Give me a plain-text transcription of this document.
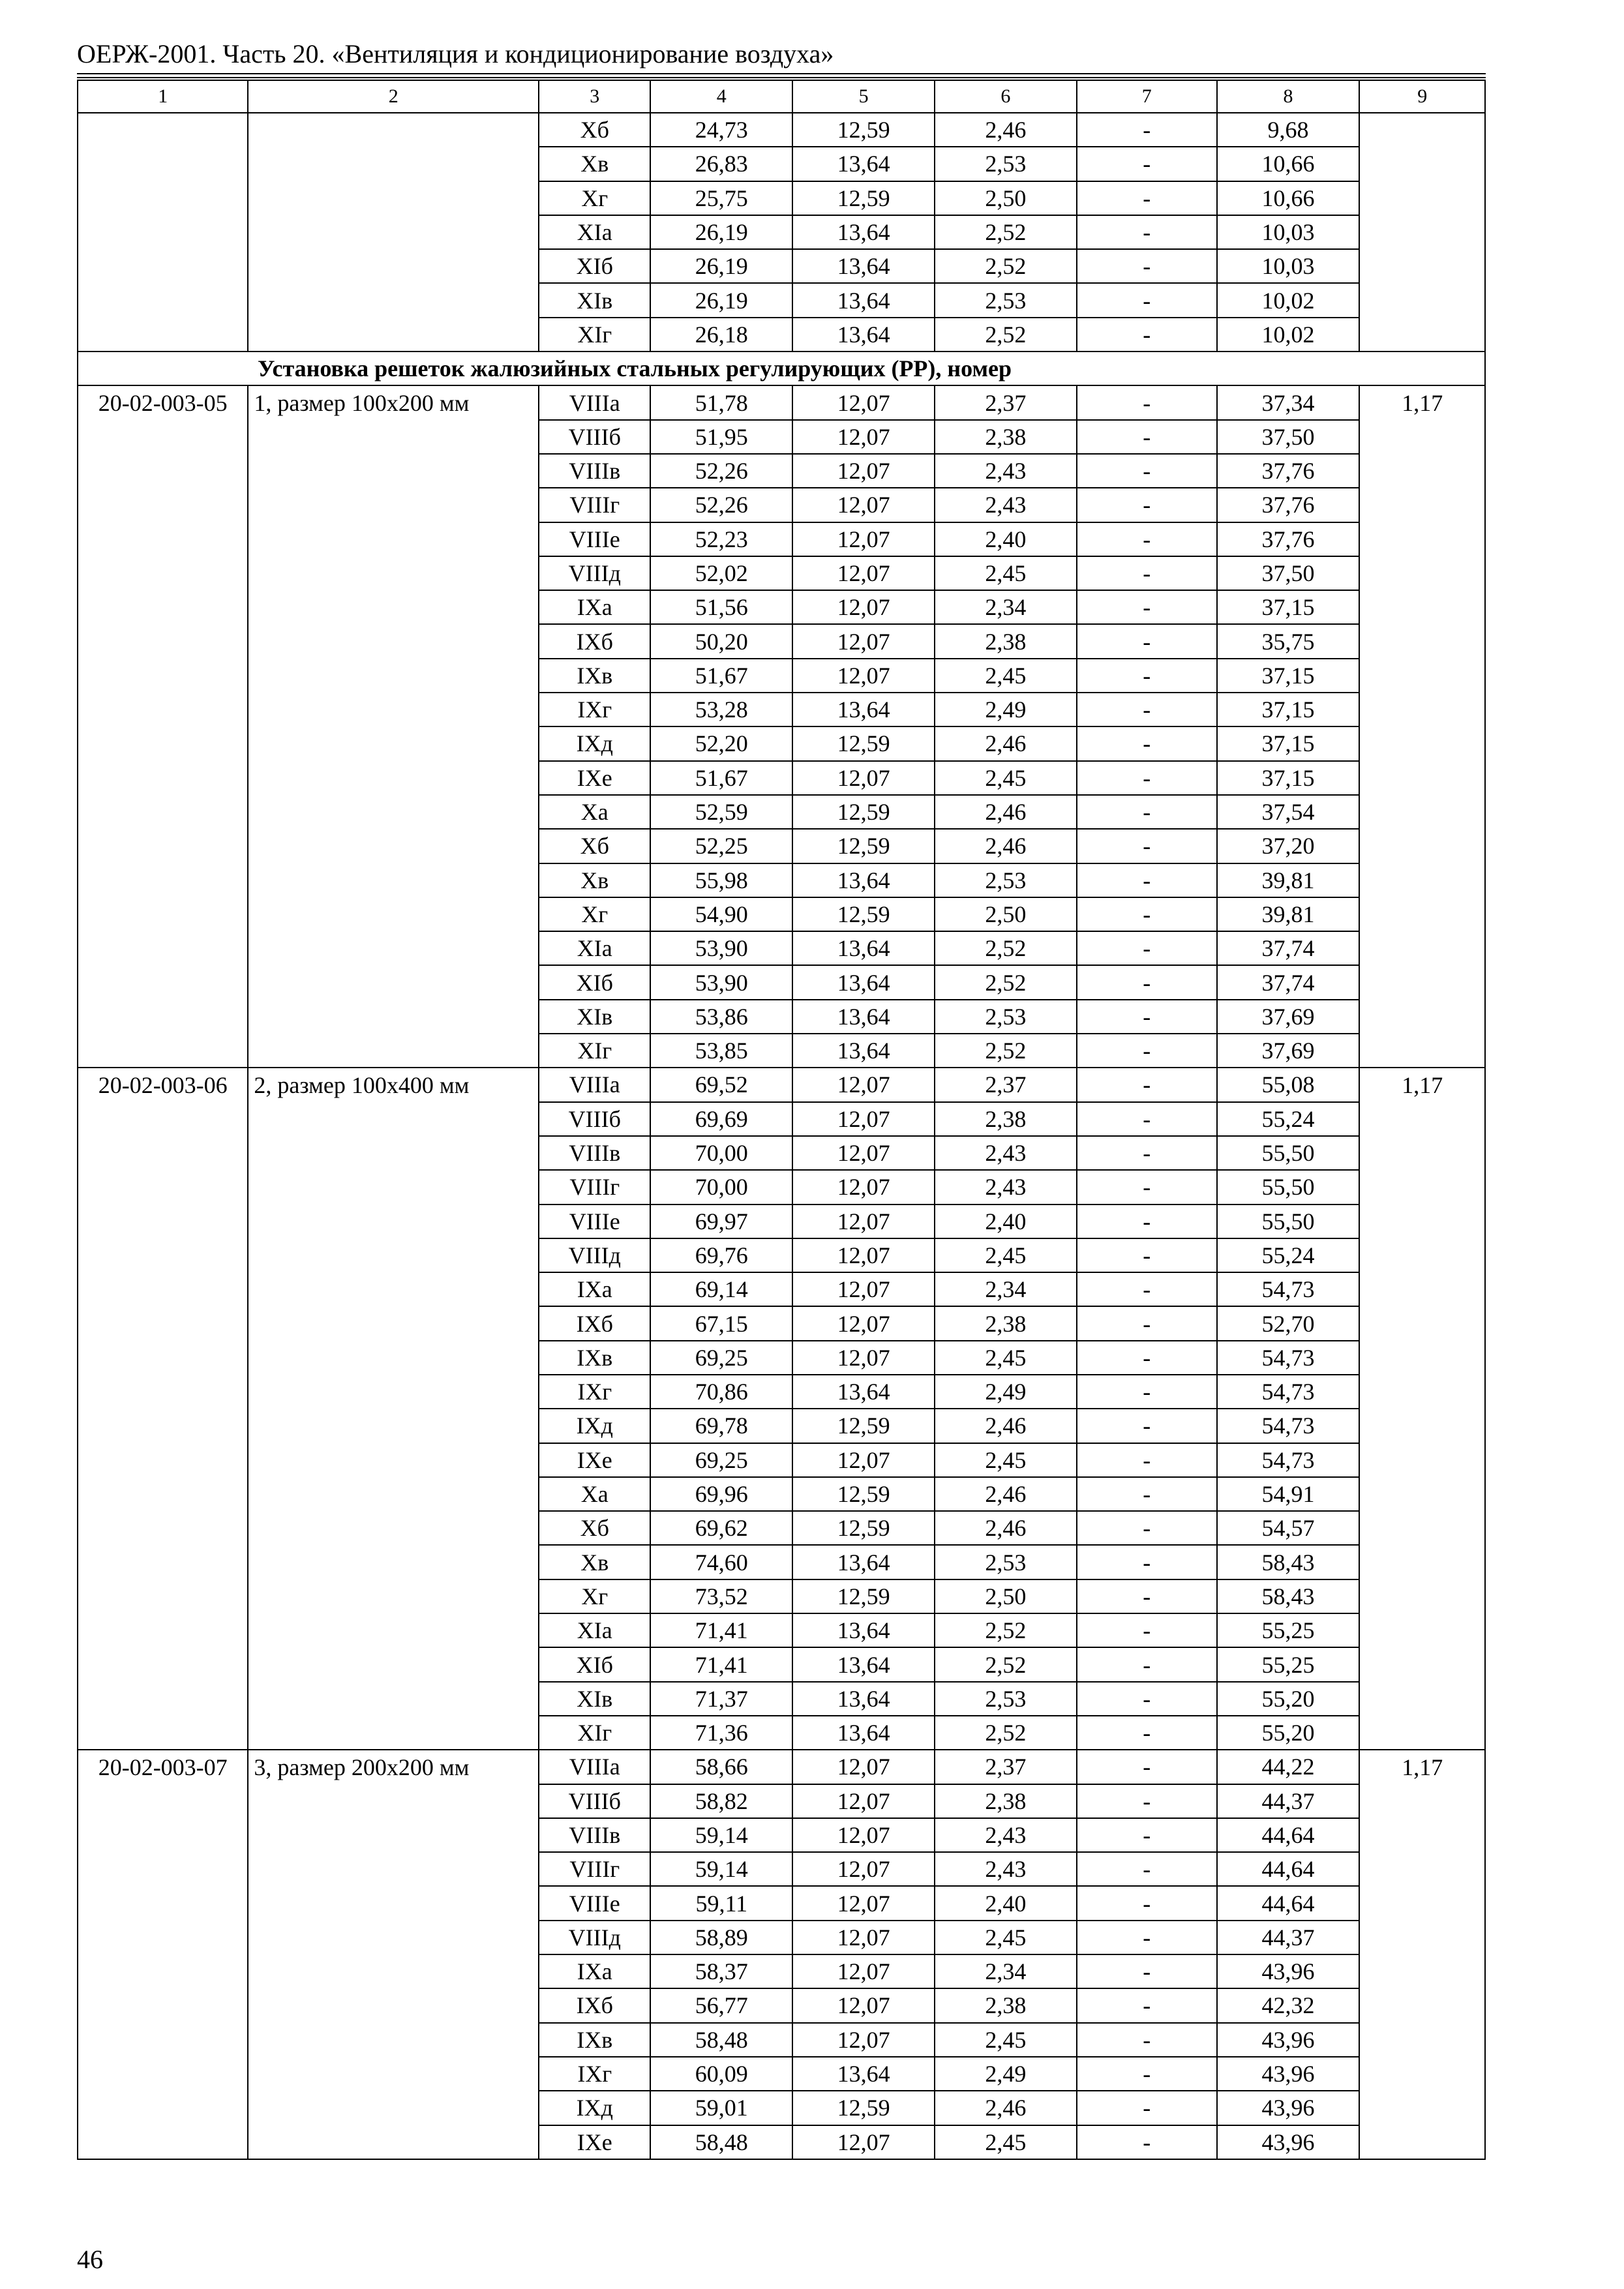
ОЕРЖ-2001. Часть 20. «Вентиляция и кондиционирование воздуха»
1	2	3	4	5	6	7	8	9
		Хб	24,73	12,59	2,46	-	9,68	
		Хв	26,83	13,64	2,53	-	10,66	
		Хг	25,75	12,59	2,50	-	10,66	
		XIа	26,19	13,64	2,52	-	10,03	
		XIб	26,19	13,64	2,52	-	10,03	
		XIв	26,19	13,64	2,53	-	10,02	
		XIг	26,18	13,64	2,52	-	10,02	
Установка решеток жалюзийных стальных регулирующих (РР), номер								
20-02-003-05	1, размер 100х200 мм	VIIIа	51,78	12,07	2,37	-	37,34	1,17
		VIIIб	51,95	12,07	2,38	-	37,50	
		VIIIв	52,26	12,07	2,43	-	37,76	
		VIIIг	52,26	12,07	2,43	-	37,76	
		VIIIе	52,23	12,07	2,40	-	37,76	
		VIIIд	52,02	12,07	2,45	-	37,50	
		IXа	51,56	12,07	2,34	-	37,15	
		IXб	50,20	12,07	2,38	-	35,75	
		IXв	51,67	12,07	2,45	-	37,15	
		IXг	53,28	13,64	2,49	-	37,15	
		IXд	52,20	12,59	2,46	-	37,15	
		IXе	51,67	12,07	2,45	-	37,15	
		Ха	52,59	12,59	2,46	-	37,54	
		Хб	52,25	12,59	2,46	-	37,20	
		Хв	55,98	13,64	2,53	-	39,81	
		Хг	54,90	12,59	2,50	-	39,81	
		XIа	53,90	13,64	2,52	-	37,74	
		XIб	53,90	13,64	2,52	-	37,74	
		XIв	53,86	13,64	2,53	-	37,69	
		XIг	53,85	13,64	2,52	-	37,69	
20-02-003-06	2, размер 100х400 мм	VIIIа	69,52	12,07	2,37	-	55,08	1,17
		VIIIб	69,69	12,07	2,38	-	55,24	
		VIIIв	70,00	12,07	2,43	-	55,50	
		VIIIг	70,00	12,07	2,43	-	55,50	
		VIIIе	69,97	12,07	2,40	-	55,50	
		VIIIд	69,76	12,07	2,45	-	55,24	
		IXа	69,14	12,07	2,34	-	54,73	
		IXб	67,15	12,07	2,38	-	52,70	
		IXв	69,25	12,07	2,45	-	54,73	
		IXг	70,86	13,64	2,49	-	54,73	
		IXд	69,78	12,59	2,46	-	54,73	
		IXе	69,25	12,07	2,45	-	54,73	
		Ха	69,96	12,59	2,46	-	54,91	
		Хб	69,62	12,59	2,46	-	54,57	
		Хв	74,60	13,64	2,53	-	58,43	
		Хг	73,52	12,59	2,50	-	58,43	
		XIа	71,41	13,64	2,52	-	55,25	
		XIб	71,41	13,64	2,52	-	55,25	
		XIв	71,37	13,64	2,53	-	55,20	
		XIг	71,36	13,64	2,52	-	55,20	
20-02-003-07	3, размер 200х200 мм	VIIIа	58,66	12,07	2,37	-	44,22	1,17
		VIIIб	58,82	12,07	2,38	-	44,37	
		VIIIв	59,14	12,07	2,43	-	44,64	
		VIIIг	59,14	12,07	2,43	-	44,64	
		VIIIе	59,11	12,07	2,40	-	44,64	
		VIIIд	58,89	12,07	2,45	-	44,37	
		IXа	58,37	12,07	2,34	-	43,96	
		IXб	56,77	12,07	2,38	-	42,32	
		IXв	58,48	12,07	2,45	-	43,96	
		IXг	60,09	13,64	2,49	-	43,96	
		IXд	59,01	12,59	2,46	-	43,96	
		IXе	58,48	12,07	2,45	-	43,96	
46
